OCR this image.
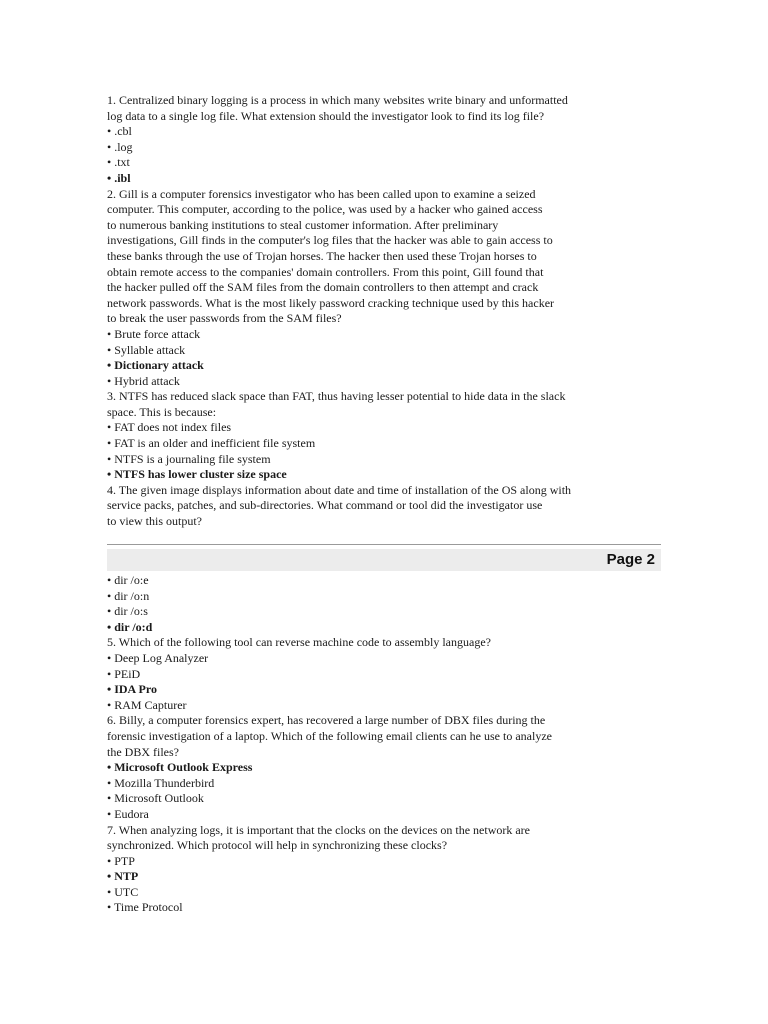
1. Centralized binary logging is a process in which many websites write binary and unformatted
log data to a single log file. What extension should the investigator look to find its log file?
• .cbl
• .log
• .txt
• .ibl
2. Gill is a computer forensics investigator who has been called upon to examine a seized
computer. This computer, according to the police, was used by a hacker who gained access
to numerous banking institutions to steal customer information. After preliminary
investigations, Gill finds in the computer's log files that the hacker was able to gain access to
these banks through the use of Trojan horses. The hacker then used these Trojan horses to
obtain remote access to the companies' domain controllers. From this point, Gill found that
the hacker pulled off the SAM files from the domain controllers to then attempt and crack
network passwords. What is the most likely password cracking technique used by this hacker
to break the user passwords from the SAM files?
• Brute force attack
• Syllable attack
• Dictionary attack
• Hybrid attack
3. NTFS has reduced slack space than FAT, thus having lesser potential to hide data in the slack
space. This is because:
• FAT does not index files
• FAT is an older and inefficient file system
• NTFS is a journaling file system
• NTFS has lower cluster size space
4. The given image displays information about date and time of installation of the OS along with
service packs, patches, and sub-directories. What command or tool did the investigator use
to view this output?
Page 2
• dir /o:e
• dir /o:n
• dir /o:s
• dir /o:d
5. Which of the following tool can reverse machine code to assembly language?
• Deep Log Analyzer
• PEiD
• IDA Pro
• RAM Capturer
6. Billy, a computer forensics expert, has recovered a large number of DBX files during the
forensic investigation of a laptop. Which of the following email clients can he use to analyze
the DBX files?
• Microsoft Outlook Express
• Mozilla Thunderbird
• Microsoft Outlook
• Eudora
7. When analyzing logs, it is important that the clocks on the devices on the network are
synchronized. Which protocol will help in synchronizing these clocks?
• PTP
• NTP
• UTC
• Time Protocol
